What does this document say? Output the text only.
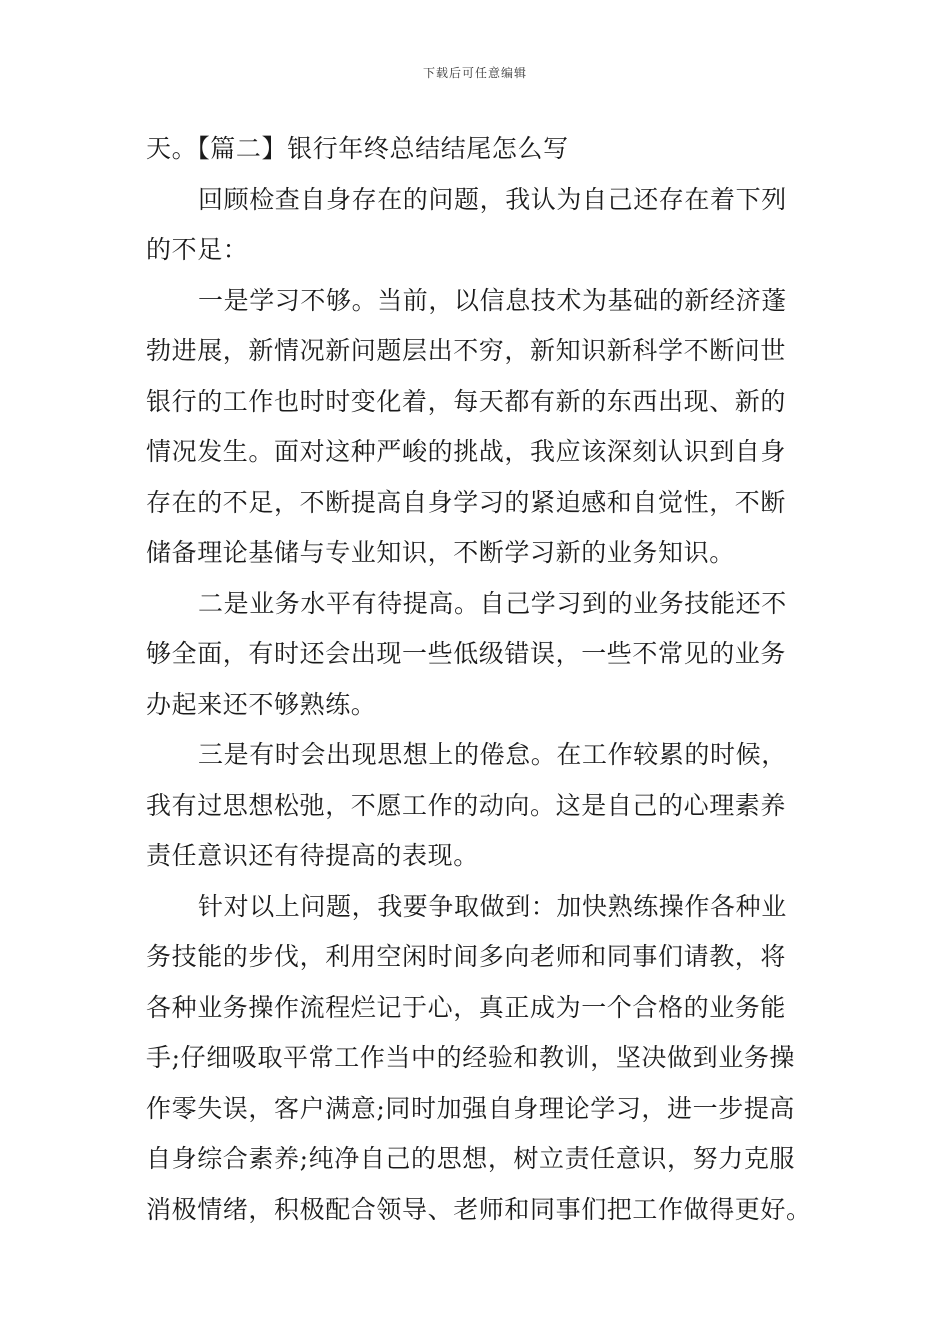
下载后可任意编辑
天。【篇二】银行年终总结结尾怎么写
回顾检查自身存在的问题，我认为自己还存在着下列
的不足：
一是学习不够。当前，以信息技术为基础的新经济蓬
勃进展，新情况新问题层出不穷，新知识新科学不断问世
银行的工作也时时变化着，每天都有新的东西出现、新的
情况发生。面对这种严峻的挑战，我应该深刻认识到自身
存在的不足，不断提高自身学习的紧迫感和自觉性，不断
储备理论基储与专业知识，不断学习新的业务知识。
二是业务水平有待提高。自己学习到的业务技能还不
够全面，有时还会出现一些低级错误，一些不常见的业务
办起来还不够熟练。
三是有时会出现思想上的倦怠。在工作较累的时候，
我有过思想松弛，不愿工作的动向。这是自己的心理素养
责任意识还有待提高的表现。
针对以上问题，我要争取做到：加快熟练操作各种业
务技能的步伐，利用空闲时间多向老师和同事们请教，将
各种业务操作流程烂记于心，真正成为一个合格的业务能
手;仔细吸取平常工作当中的经验和教训，坚决做到业务操
作零失误，客户满意;同时加强自身理论学习，进一步提高
自身综合素养;纯净自己的思想，树立责任意识，努力克服
消极情绪，积极配合领导、老师和同事们把工作做得更好。
